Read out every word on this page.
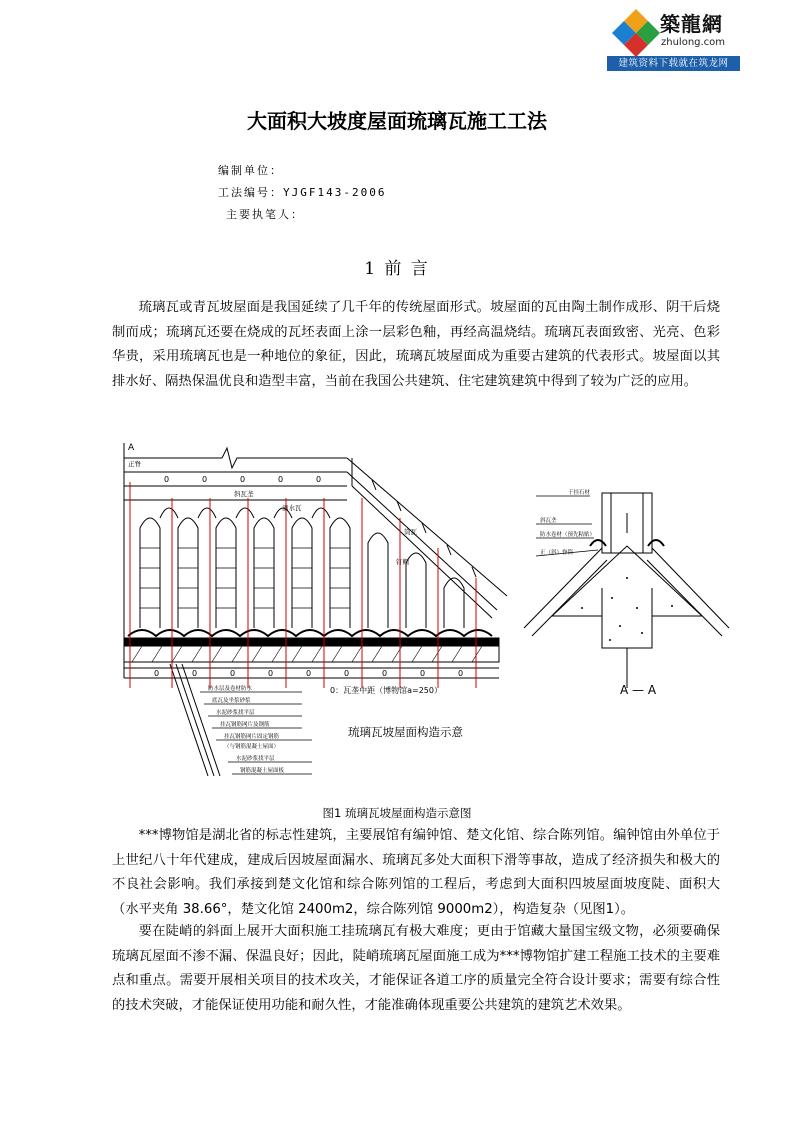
築龍網
zhulong.com
建筑资料下载就在筑龙网
大面积大坡度屋面琉璃瓦施工工法
编制单位：
工法编号：YJGF143-2006
主要执笔人：
1 前 言
琉璃瓦或青瓦坡屋面是我国延续了几千年的传统屋面形式。坡屋面的瓦由陶土制作成形、阴干后烧制而成；琉璃瓦还要在烧成的瓦坯表面上涂一层彩色釉，再经高温烧结。琉璃瓦表面致密、光亮、色彩华贵，采用琉璃瓦也是一种地位的象征，因此，琉璃瓦坡屋面成为重要古建筑的代表形式。坡屋面以其排水好、隔热保温优良和造型丰富，当前在我国公共建筑、住宅建筑建筑中得到了较为广泛的应用。
A
0	0	0	0	0
0	0	0	0	0	0	0	0	0
正脊
斜瓦垄
滴水瓦
筒瓦
钉帽
0：瓦垄中距（博物馆a=250）
防水层及卷材防水
底瓦及坐浆砂浆
水泥砂浆找平层
挂瓦钢筋网片及钢筋
挂瓦钢筋网片固定钢筋
（与钢筋混凝土屋面）
水泥砂浆找平层
钢筋混凝土屋面板
琉璃瓦坡屋面构造示意
干挂石材
斜瓦垄
防水卷材（预先粘贴）
正（斜）脊筒
A — A
图1 琉璃瓦坡屋面构造示意图
***博物馆是湖北省的标志性建筑，主要展馆有编钟馆、楚文化馆、综合陈列馆。编钟馆由外单位于上世纪八十年代建成，建成后因坡屋面漏水、琉璃瓦多处大面积下滑等事故，造成了经济损失和极大的不良社会影响。我们承接到楚文化馆和综合陈列馆的工程后，考虑到大面积四坡屋面坡度陡、面积大（水平夹角 38.66°，楚文化馆 2400m2，综合陈列馆 9000m2），构造复杂（见图1）。
要在陡峭的斜面上展开大面积施工挂琉璃瓦有极大难度；更由于馆藏大量国宝级文物，必须要确保琉璃瓦屋面不渗不漏、保温良好；因此，陡峭琉璃瓦屋面施工成为***博物馆扩建工程施工技术的主要难点和重点。需要开展相关项目的技术攻关，才能保证各道工序的质量完全符合设计要求；需要有综合性的技术突破，才能保证使用功能和耐久性，才能准确体现重要公共建筑的建筑艺术效果。
